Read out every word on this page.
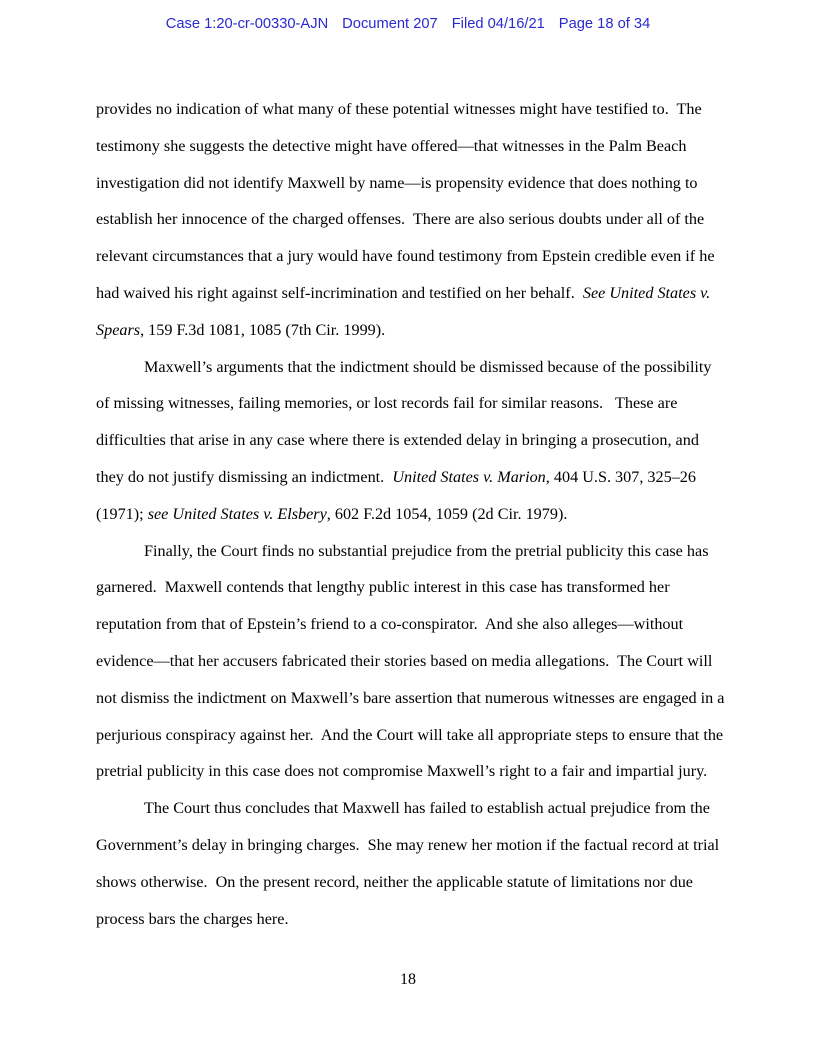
Case 1:20-cr-00330-AJN Document 207 Filed 04/16/21 Page 18 of 34
provides no indication of what many of these potential witnesses might have testified to.  The
testimony she suggests the detective might have offered—that witnesses in the Palm Beach
investigation did not identify Maxwell by name—is propensity evidence that does nothing to
establish her innocence of the charged offenses.  There are also serious doubts under all of the
relevant circumstances that a jury would have found testimony from Epstein credible even if he
had waived his right against self-incrimination and testified on her behalf.  See United States v.
Spears, 159 F.3d 1081, 1085 (7th Cir. 1999).
Maxwell’s arguments that the indictment should be dismissed because of the possibility
of missing witnesses, failing memories, or lost records fail for similar reasons.   These are
difficulties that arise in any case where there is extended delay in bringing a prosecution, and
they do not justify dismissing an indictment.  United States v. Marion, 404 U.S. 307, 325–26
(1971); see United States v. Elsbery, 602 F.2d 1054, 1059 (2d Cir. 1979).
Finally, the Court finds no substantial prejudice from the pretrial publicity this case has
garnered.  Maxwell contends that lengthy public interest in this case has transformed her
reputation from that of Epstein’s friend to a co-conspirator.  And she also alleges—without
evidence—that her accusers fabricated their stories based on media allegations.  The Court will
not dismiss the indictment on Maxwell’s bare assertion that numerous witnesses are engaged in a
perjurious conspiracy against her.  And the Court will take all appropriate steps to ensure that the
pretrial publicity in this case does not compromise Maxwell’s right to a fair and impartial jury.
The Court thus concludes that Maxwell has failed to establish actual prejudice from the
Government’s delay in bringing charges.  She may renew her motion if the factual record at trial
shows otherwise.  On the present record, neither the applicable statute of limitations nor due
process bars the charges here.
18
